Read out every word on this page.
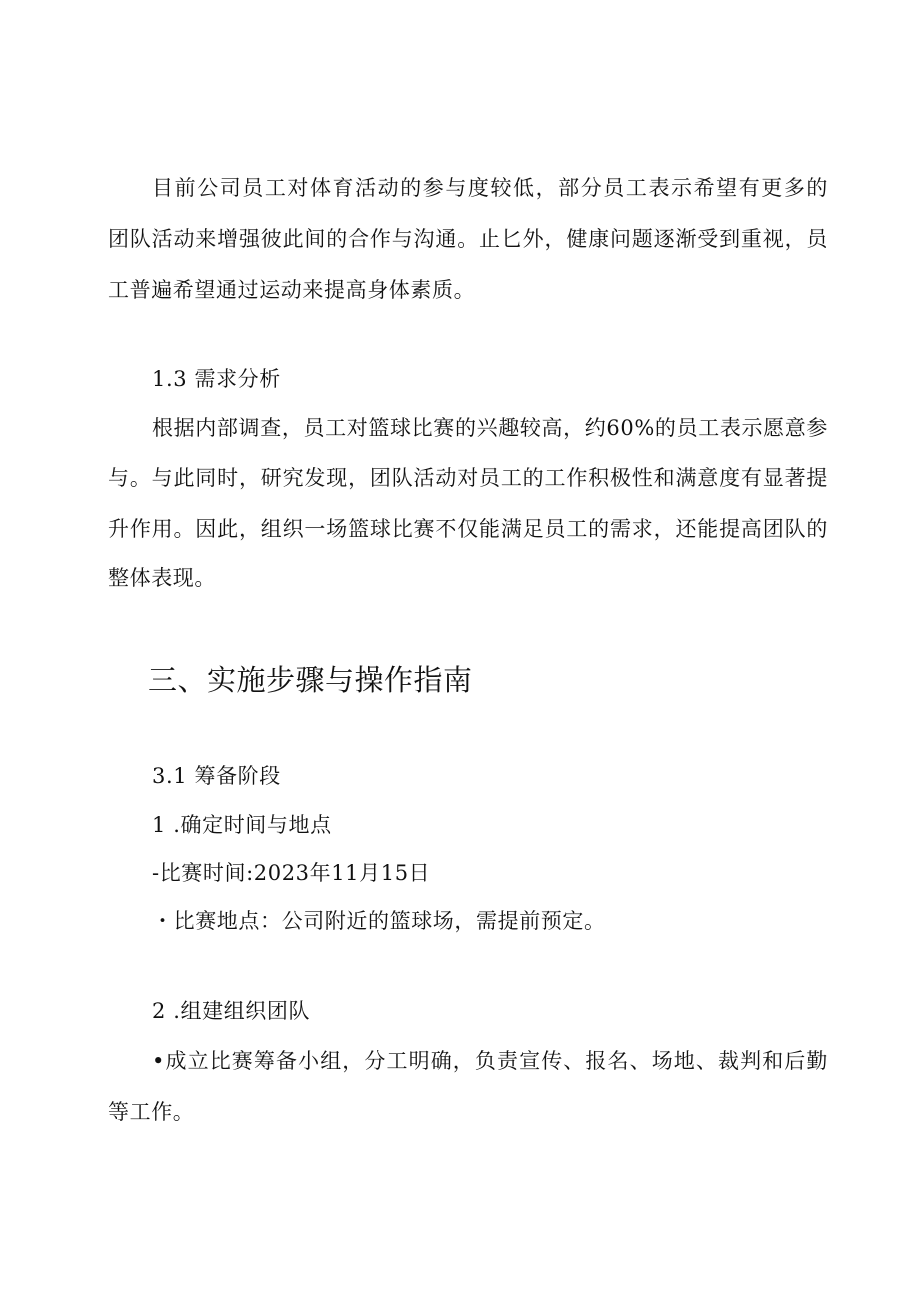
目前公司员工对体育活动的参与度较低，部分员工表示希望有更多的
团队活动来增强彼此间的合作与沟通。止匕外，健康问题逐渐受到重视，员
工普遍希望通过运动来提高身体素质。
1.3 需求分析
根据内部调查，员工对篮球比赛的兴趣较高，约60%的员工表示愿意参
与。与此同时，研究发现，团队活动对员工的工作积极性和满意度有显著提
升作用。因此，组织一场篮球比赛不仅能满足员工的需求，还能提高团队的
整体表现。
三、实施步骤与操作指南
3.1 筹备阶段
1 .确定时间与地点
-比赛时间:2023年11月15日
・比赛地点：公司附近的篮球场，需提前预定。
2 .组建组织团队
•成立比赛筹备小组，分工明确，负责宣传、报名、场地、裁判和后勤
等工作。
